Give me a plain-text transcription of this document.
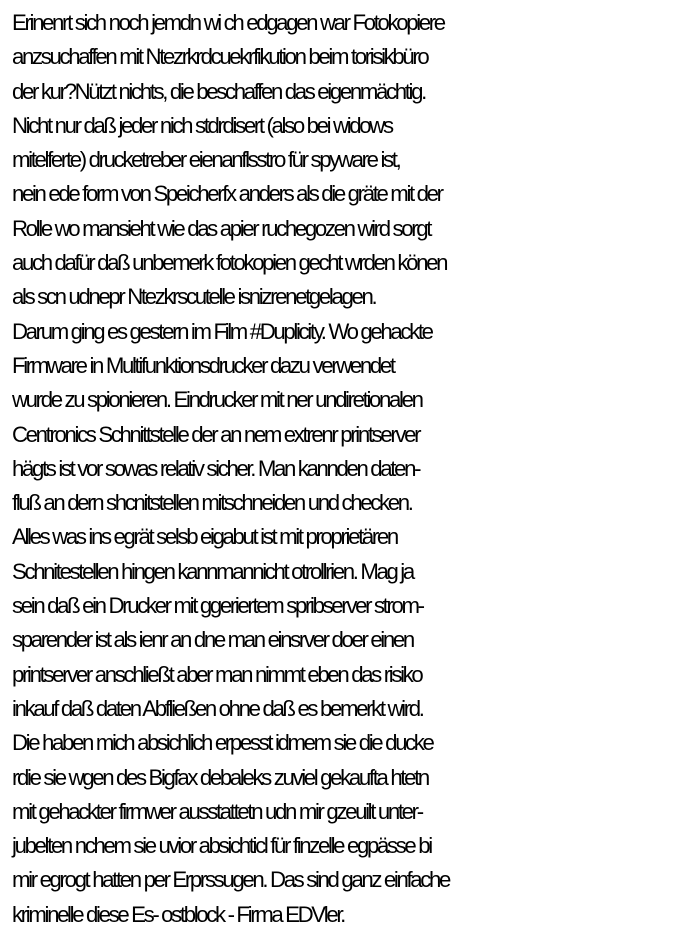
Erinenrt sich noch jemdn wi ch edgagen war Fotokopiere
anzsuchaffen mit Ntezrkrdcuekrfikution beim torisikbüro
der kur?Nützt nichts, die beschaffen das eigenmächtig.
Nicht nur daß jeder nich stdrdisert (also bei widows
mitelferte) drucketreber eienanflsstro für spyware ist,
nein ede form von Speicherfx anders als die gräte mit der
Rolle wo mansieht wie das apier ruchegozen wird sorgt
auch dafür daß unbemerk fotokopien gecht wrden könen
als scn udnepr Ntezkrscutelle isnizrenetgelagen.
Darum ging es gestern im Film #Duplicity. Wo gehackte
Firmware in Multifunktionsdrucker dazu verwendet
wurde zu spionieren. Eindrucker mit ner undiretionalen
Centronics Schnittstelle der an nem extrenr printserver
hägts ist vor sowas relativ sicher. Man kannden daten-
fluß an dern shcnitstellen mitschneiden und checken.
Alles was ins egrät selsb eigabut ist mit proprietären
Schnitestellen hingen kannmannicht otrollrien. Mag ja
sein daß ein Drucker mit ggeriertem spribserver strom-
sparender ist als ienr an dne man einsrver doer einen
printserver anschließt aber man nimmt eben das risiko
inkauf daß daten Abfließen ohne daß es bemerkt wird.
Die haben mich absichlich erpesst idmem sie die ducke
rdie sie wgen des Bigfax debaleks zuviel gekaufta htetn
mit gehackter firmwer ausstattetn udn mir gzeuilt unter-
jubelten nchem sie uvior absichticl für finzelle egpässe bi
mir egrogt hatten per Erprssugen. Das sind ganz einfache
kriminelle diese Es- ostblock - Firma EDVler.
